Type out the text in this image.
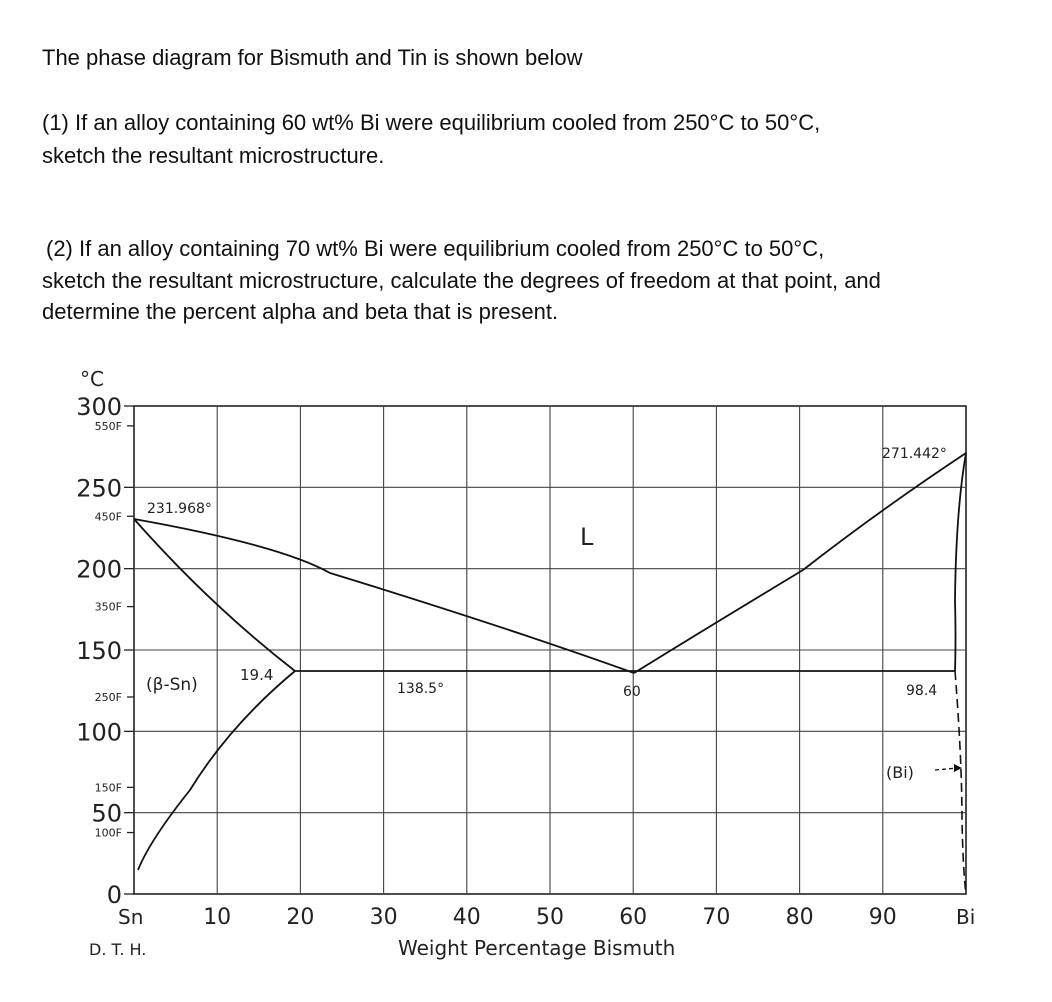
The phase diagram for Bismuth and Tin is shown below

(1) If an alloy containing 60 wt% Bi were equilibrium cooled from 250°C to 50°C,

sketch the resultant microstructure.

(2) If an alloy containing 70 wt% Bi were equilibrium cooled from 250°C to 50°C,

sketch the resultant microstructure, calculate the degrees of freedom at that point, and

determine the percent alpha and beta that is present.

°C
300
250
200
150
100
50
0
550F
450F
350F
250F
150F
100F
Sn	Bi
10	20	30	40	50	60	70	80	90
Weight Percentage Bismuth
D. T. H.
231.968°
271.442°
L
(β-Sn)	19.4
138.5°	60	98.4
(Bi)
